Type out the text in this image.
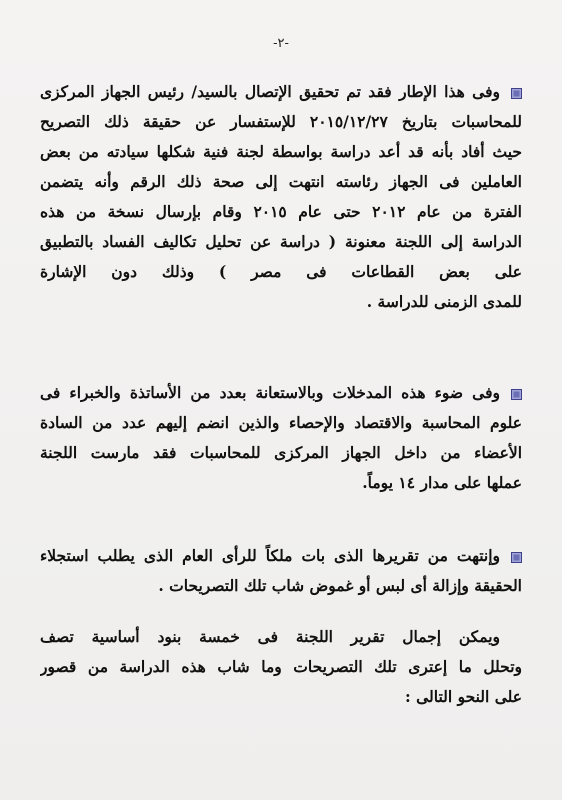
-٢-
وفى هذا الإطار فقد تم تحقيق الإتصال بالسيد/ رئيس الجهاز المركزى
للمحاسبات بتاريخ ٢٠١٥/١٢/٢٧ للإستفسار عن حقيقة ذلك التصريح
حيث أفاد بأنه قد أعد دراسة بواسطة لجنة فنية شكلها سيادته من بعض
العاملين فى الجهاز رئاسته انتهت إلى صحة ذلك الرقم وأنه يتضمن
الفترة من عام ٢٠١٢ حتى عام ٢٠١٥ وقام بإرسال نسخة من هذه
الدراسة إلى اللجنة معنونة ( دراسة عن تحليل تكاليف الفساد بالتطبيق
على بعض القطاعات فى مصر ) وذلك دون الإشارة
للمدى الزمنى للدراسة .
وفى ضوء هذه المدخلات وبالاستعانة بعدد من الأساتذة والخبراء فى
علوم المحاسبة والاقتصاد والإحصاء والذين انضم إليهم عدد من السادة
الأعضاء من داخل الجهاز المركزى للمحاسبات فقد مارست اللجنة
عملها على مدار ١٤ يوماً.
وإنتهت من تقريرها الذى بات ملكاً للرأى العام الذى يطلب استجلاء
الحقيقة وإزالة أى لبس أو غموض شاب تلك التصريحات .
ويمكن إجمال تقرير اللجنة فى خمسة بنود أساسية تصف
وتحلل ما إعترى تلك التصريحات وما شاب هذه الدراسة من قصور
على النحو التالى :
